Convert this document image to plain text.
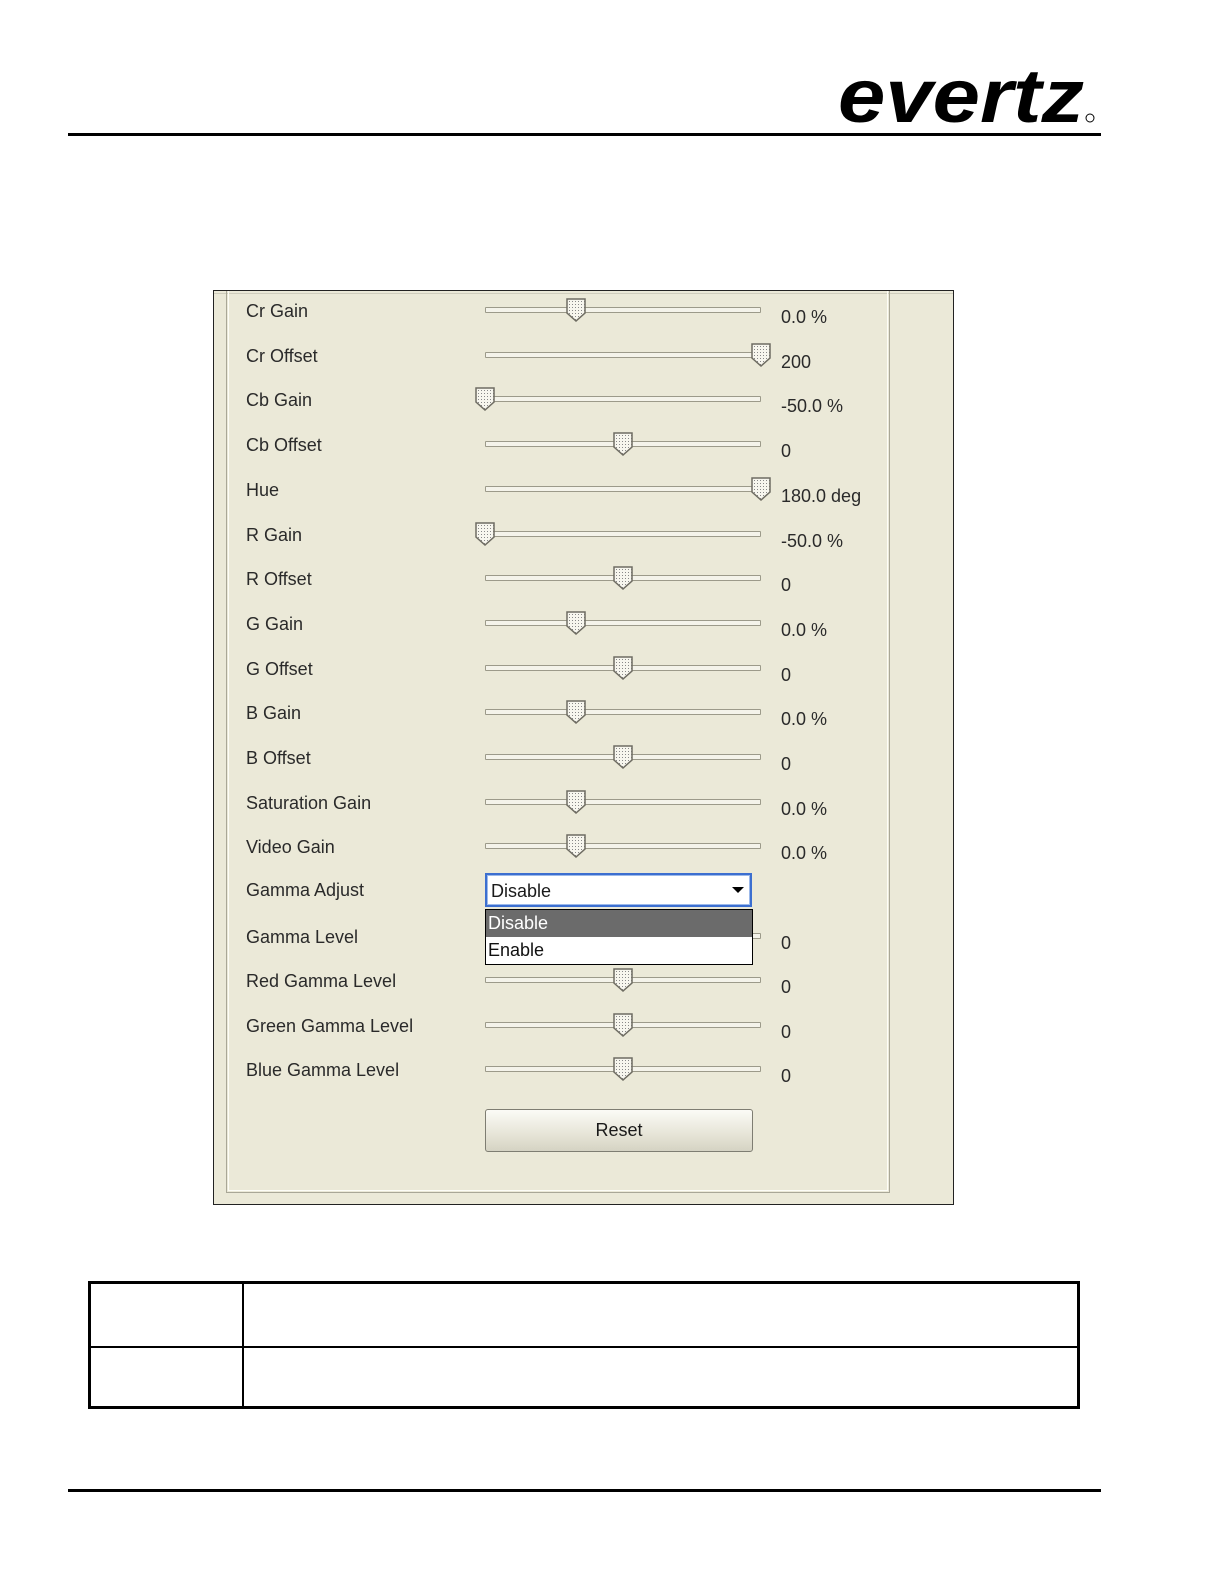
evertz
Cr Gain	0.0 %
Cr Offset	200
Cb Gain	-50.0 %
Cb Offset	0
Hue	180.0 deg
R Gain	-50.0 %
R Offset	0
G Gain	0.0 %
G Offset	0
B Gain	0.0 %
B Offset	0
Saturation Gain	0.0 %
Video Gain	0.0 %
Gamma Adjust
Gamma Level	0
Disable
Disable
Enable
Red Gamma Level	0
Green Gamma Level	0
Blue Gamma Level	0
Reset
